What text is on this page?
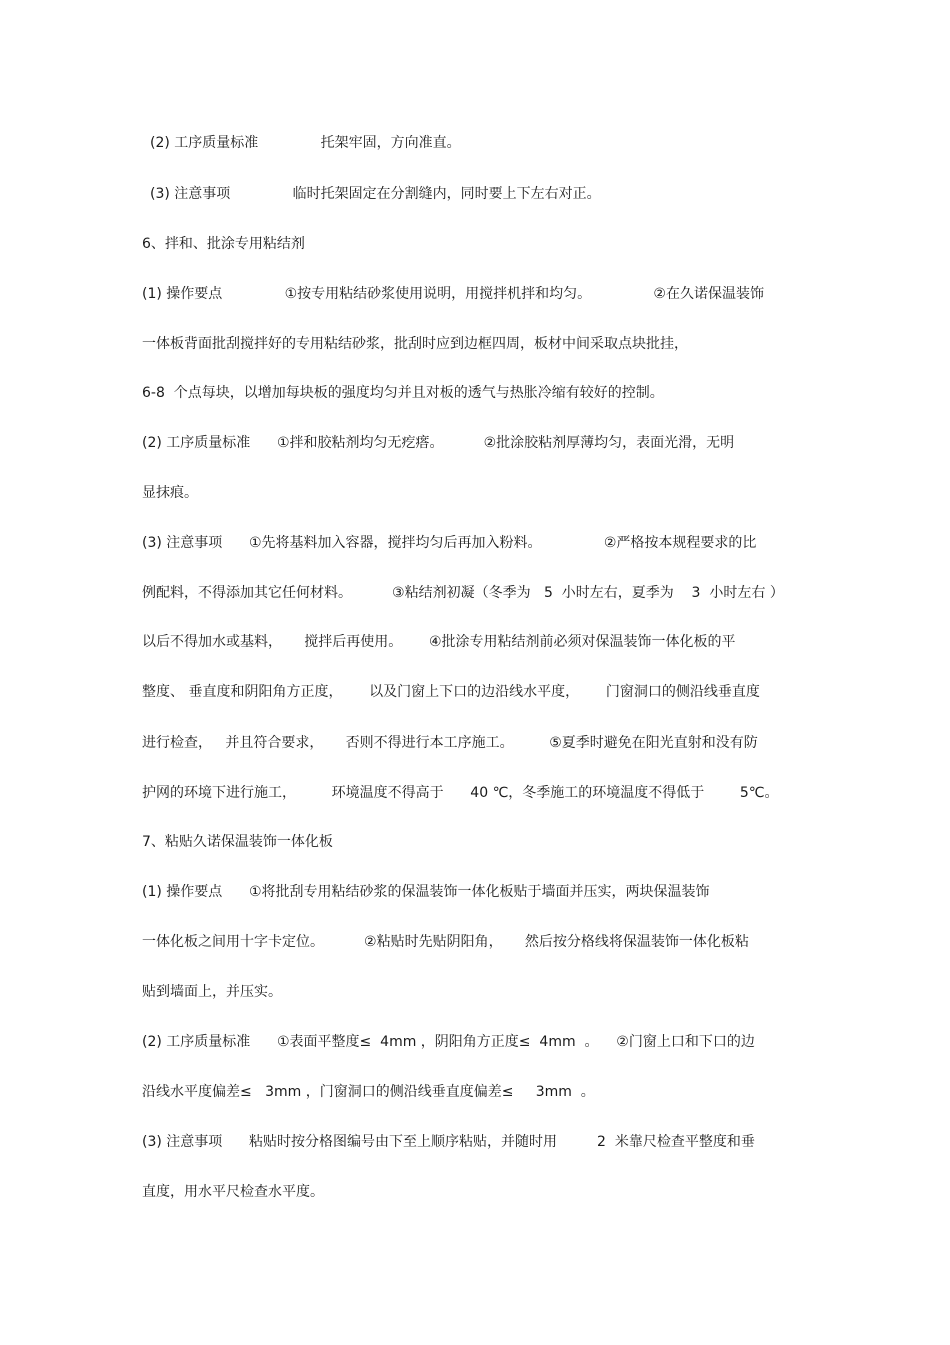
(2) 工序质量标准              托架牢固，方向准直。
(3) 注意事项              临时托架固定在分割缝内，同时要上下左右对正。
6、拌和、批涂专用粘结剂
(1) 操作要点              ①按专用粘结砂浆使用说明，用搅拌机拌和均匀。              ②在久诺保温装饰
一体板背面批刮搅拌好的专用粘结砂浆，批刮时应到边框四周，板材中间采取点块批挂，
6-8  个点每块，以增加每块板的强度均匀并且对板的透气与热胀冷缩有较好的控制。
(2) 工序质量标准      ①拌和胶粘剂均匀无疙瘩。         ②批涂胶粘剂厚薄均匀，表面光滑，无明
显抹痕。
(3) 注意事项      ①先将基料加入容器，搅拌均匀后再加入粉料。              ②严格按本规程要求的比
例配料，不得添加其它任何材料。         ③粘结剂初凝（冬季为   5  小时左右，夏季为    3  小时左右 ）
以后不得加水或基料，     搅拌后再使用。      ④批涂专用粘结剂前必须对保温装饰一体化板的平
整度、 垂直度和阴阳角方正度，      以及门窗上下口的边沿线水平度，      门窗洞口的侧沿线垂直度
进行检查，   并且符合要求，     否则不得进行本工序施工。        ⑤夏季时避免在阳光直射和没有防
护网的环境下进行施工，        环境温度不得高于      40 ℃，冬季施工的环境温度不得低于        5℃。
7、粘贴久诺保温装饰一体化板
(1) 操作要点      ①将批刮专用粘结砂浆的保温装饰一体化板贴于墙面并压实，两块保温装饰
一体化板之间用十字卡定位。         ②粘贴时先贴阴阳角，     然后按分格线将保温装饰一体化板粘
贴到墙面上，并压实。
(2) 工序质量标准      ①表面平整度≤  4mm ，阴阳角方正度≤  4mm  。    ②门窗上口和下口的边
沿线水平度偏差≤   3mm ，门窗洞口的侧沿线垂直度偏差≤     3mm  。
(3) 注意事项      粘贴时按分格图编号由下至上顺序粘贴，并随时用         2  米靠尺检查平整度和垂
直度，用水平尺检查水平度。
